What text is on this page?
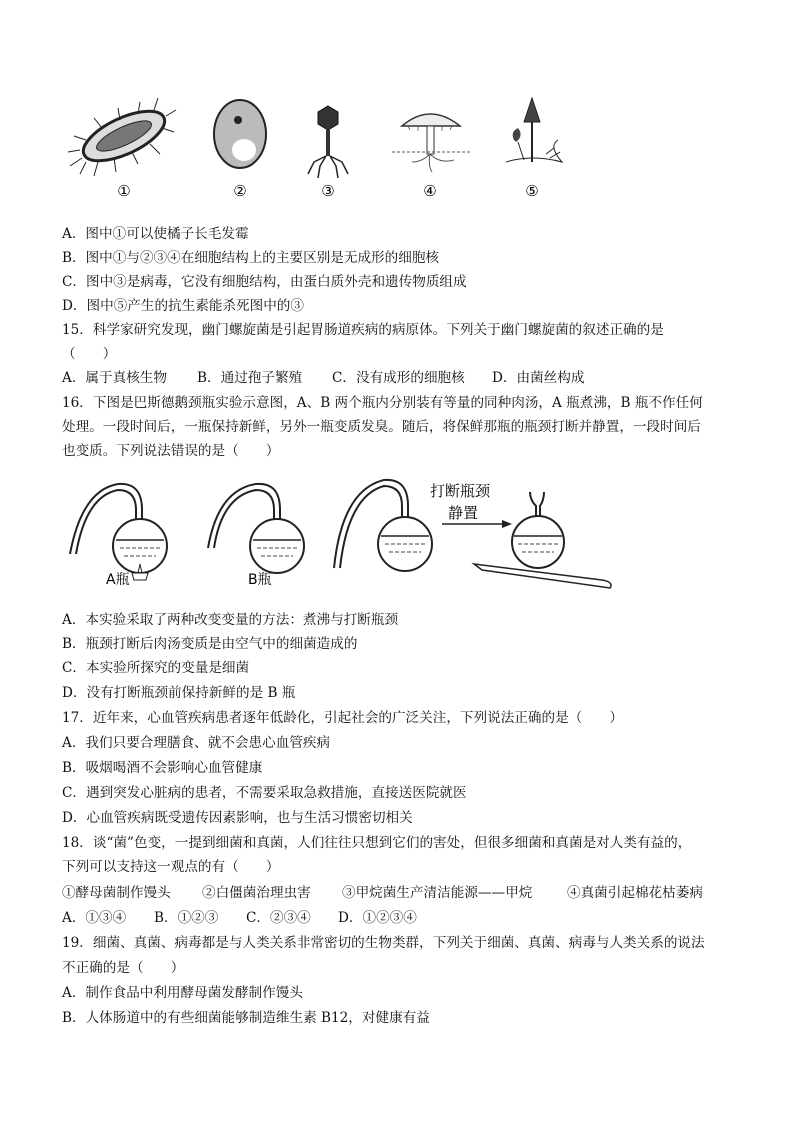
①	②	③	④	⑤
A．图中①可以使橘子长毛发霉
B．图中①与②③④在细胞结构上的主要区别是无成形的细胞核
C．图中③是病毒，它没有细胞结构，由蛋白质外壳和遗传物质组成
D．图中⑤产生的抗生素能杀死图中的③
15．科学家研究发现，幽门螺旋菌是引起胃肠道疾病的病原体。下列关于幽门螺旋菌的叙述正确的是
（　　）
A．属于真核生物 B．通过孢子繁殖 C．没有成形的细胞核 D．由菌丝构成
16．下图是巴斯德鹅颈瓶实验示意图，A、B 两个瓶内分别装有等量的同种肉汤，A 瓶煮沸，B 瓶不作任何
处理。一段时间后，一瓶保持新鲜，另外一瓶变质发臭。随后，将保鲜那瓶的瓶颈打断并静置，一段时间后
也变质。下列说法错误的是（　　）
A瓶	B瓶
打断瓶颈
静置
A．本实验采取了两种改变变量的方法：煮沸与打断瓶颈
B．瓶颈打断后肉汤变质是由空气中的细菌造成的
C．本实验所探究的变量是细菌
D．没有打断瓶颈前保持新鲜的是 B 瓶
17．近年来，心血管疾病患者逐年低龄化，引起社会的广泛关注，下列说法正确的是（　　）
A．我们只要合理膳食、就不会患心血管疾病
B．吸烟喝酒不会影响心血管健康
C．遇到突发心脏病的患者，不需要采取急救措施，直接送医院就医
D．心血管疾病既受遗传因素影响，也与生活习惯密切相关
18．谈“菌”色变，一提到细菌和真菌，人们往往只想到它们的害处，但很多细菌和真菌是对人类有益的，
下列可以支持这一观点的有（　　）
①酵母菌制作馒头 ②白僵菌治理虫害 ③甲烷菌生产清洁能源——甲烷	④真菌引起棉花枯萎病
A．①③④ B．①②③ C．②③④ D．①②③④
19．细菌、真菌、病毒都是与人类关系非常密切的生物类群，下列关于细菌、真菌、病毒与人类关系的说法
不正确的是（　　）
A．制作食品中利用酵母菌发酵制作馒头
B．人体肠道中的有些细菌能够制造维生素 B12，对健康有益
